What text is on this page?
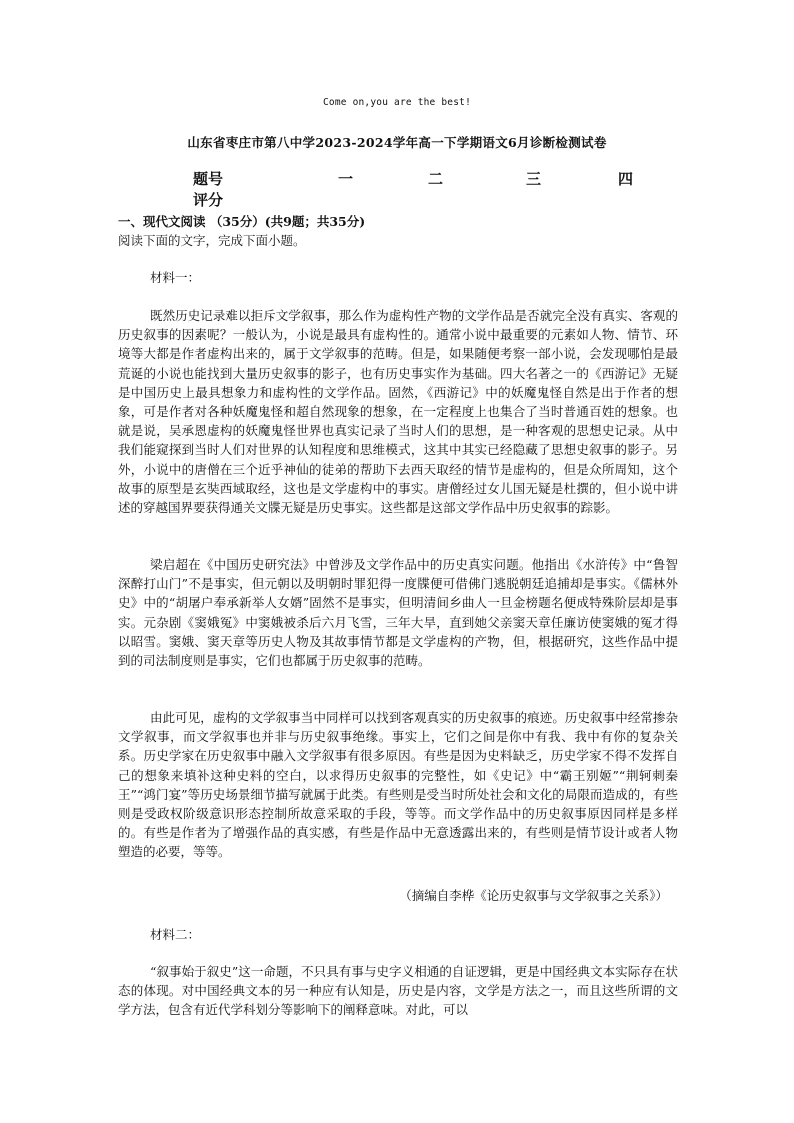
Come on,you are the best!
山东省枣庄市第八中学2023-2024学年高一下学期语文6月诊断检测试卷
题号	一	二	三	四
评分
一、现代文阅读 （35分）(共9题；共35分)
阅读下面的文字，完成下面小题。
材料一：

既然历史记录难以拒斥文学叙事，那么作为虚构性产物的文学作品是否就完全没有真实、客观的历史叙事的因素呢？一般认为，小说是最具有虚构性的。通常小说中最重要的元素如人物、情节、环境等大都是作者虚构出来的，属于文学叙事的范畴。但是，如果随便考察一部小说，会发现哪怕是最荒诞的小说也能找到大量历史叙事的影子，也有历史事实作为基础。四大名著之一的《西游记》无疑是中国历史上最具想象力和虚构性的文学作品。固然，《西游记》中的妖魔鬼怪自然是出于作者的想象，可是作者对各种妖魔鬼怪和超自然现象的想象，在一定程度上也集合了当时普通百姓的想象。也就是说，吴承恩虚构的妖魔鬼怪世界也真实记录了当时人们的思想，是一种客观的思想史记录。从中我们能窥探到当时人们对世界的认知程度和思维模式，这其中其实已经隐藏了思想史叙事的影子。另外，小说中的唐僧在三个近乎神仙的徒弟的帮助下去西天取经的情节是虚构的，但是众所周知，这个故事的原型是玄奘西域取经，这也是文学虚构中的事实。唐僧经过女儿国无疑是杜撰的，但小说中讲述的穿越国界要获得通关文牒无疑是历史事实。这些都是这部文学作品中历史叙事的踪影。

梁启超在《中国历史研究法》中曾涉及文学作品中的历史真实问题。他指出《水浒传》中“鲁智深醉打山门”不是事实，但元朝以及明朝时罪犯得一度牒便可借佛门逃脱朝廷追捕却是事实。《儒林外史》中的“胡屠户奉承新举人女婿”固然不是事实，但明清间乡曲人一旦金榜题名便成特殊阶层却是事实。元杂剧《窦娥冤》中窦娥被杀后六月飞雪，三年大旱，直到她父亲窦天章任廉访使窦娥的冤才得以昭雪。窦娥、窦天章等历史人物及其故事情节都是文学虚构的产物，但，根据研究，这些作品中提到的司法制度则是事实，它们也都属于历史叙事的范畴。

由此可见，虚构的文学叙事当中同样可以找到客观真实的历史叙事的痕迹。历史叙事中经常掺杂文学叙事，而文学叙事也并非与历史叙事绝缘。事实上，它们之间是你中有我、我中有你的复杂关系。历史学家在历史叙事中融入文学叙事有很多原因。有些是因为史料缺乏，历史学家不得不发挥自己的想象来填补这种史料的空白，以求得历史叙事的完整性，如《史记》中“霸王别姬”“荆轲刺秦王”“鸿门宴”等历史场景细节描写就属于此类。有些则是受当时所处社会和文化的局限而造成的，有些则是受政权阶级意识形态控制所故意采取的手段，等等。而文学作品中的历史叙事原因同样是多样的。有些是作者为了增强作品的真实感，有些是作品中无意透露出来的，有些则是情节设计或者人物塑造的必要，等等。

（摘编自李桦《论历史叙事与文学叙事之关系》）
材料二：

“叙事始于叙史”这一命题，不只具有事与史字义相通的自证逻辑，更是中国经典文本实际存在状态的体现。对中国经典文本的另一种应有认知是，历史是内容，文学是方法之一，而且这些所谓的文学方法，包含有近代学科划分等影响下的阐释意味。对此，可以
